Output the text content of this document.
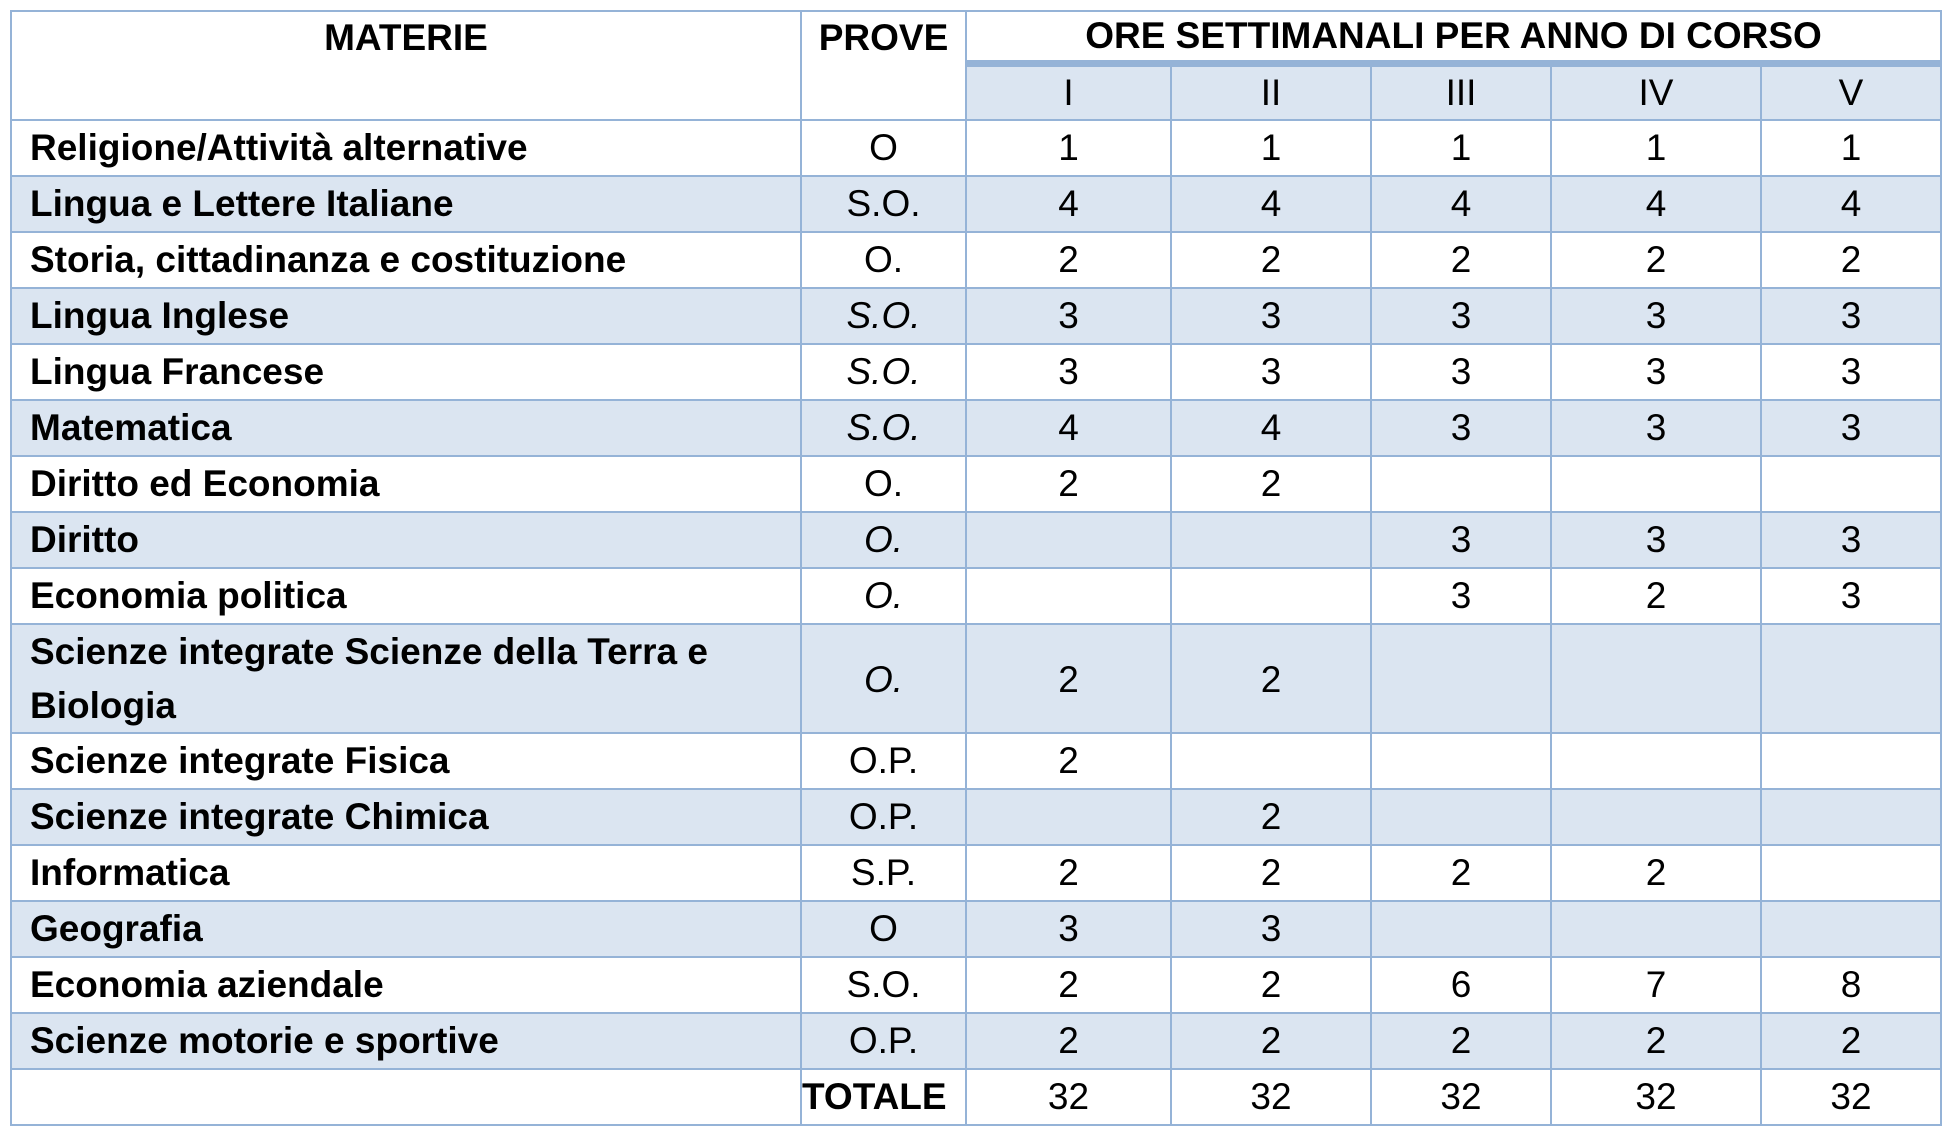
MATERIE	PROVE	ORE SETTIMANALI PER ANNO DI CORSO				
		I	II	III	IV	V
Religione/Attività alternative	O	1	1	1	1	1
Lingua e Lettere Italiane	S.O.	4	4	4	4	4
Storia, cittadinanza e costituzione	O.	2	2	2	2	2
Lingua Inglese	S.O.	3	3	3	3	3
Lingua Francese	S.O.	3	3	3	3	3
Matematica	S.O.	4	4	3	3	3
Diritto ed Economia	O.	2	2			
Diritto	O.			3	3	3
Economia politica	O.			3	2	3
Scienze integrate Scienze della Terra e Biologia	O.	2	2			
Scienze integrate Fisica	O.P.	2				
Scienze integrate Chimica	O.P.		2			
Informatica	S.P.	2	2	2	2	
Geografia	O	3	3			
Economia aziendale	S.O.	2	2	6	7	8
Scienze motorie e sportive	O.P.	2	2	2	2	2
	TOTALE	32	32	32	32	32
